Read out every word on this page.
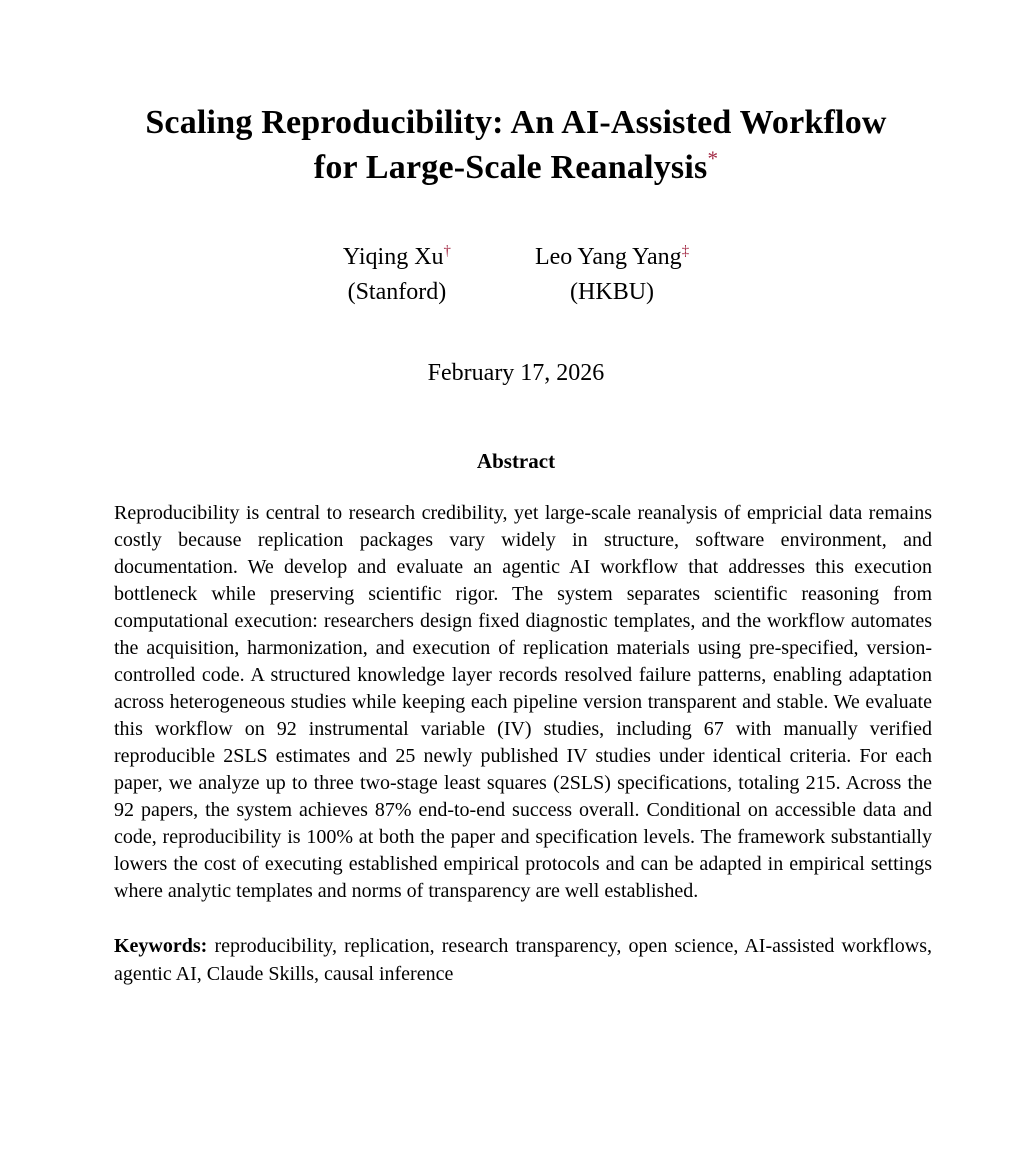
Scaling Reproducibility: An AI-Assisted Workflow
for Large-Scale Reanalysis*
Yiqing Xu†
(Stanford)
Leo Yang Yang‡
(HKBU)
February 17, 2026
Abstract

Reproducibility is central to research credibility, yet large-scale reanalysis of empricial data remains costly because replication packages vary widely in structure, software environment, and documentation. We develop and evaluate an agentic AI workflow that addresses this execution bottleneck while preserving scientific rigor. The system separates scientific reasoning from computational execution: researchers design fixed diagnostic templates, and the workflow automates the acquisition, harmonization, and execution of replication materials using pre-specified, version-controlled code. A structured knowledge layer records resolved failure patterns, enabling adaptation across heterogeneous studies while keeping each pipeline version transparent and stable. We evaluate this workflow on 92 instrumental variable (IV) studies, including 67 with manually verified reproducible 2SLS estimates and 25 newly published IV studies under identical criteria. For each paper, we analyze up to three two-stage least squares (2SLS) specifications, totaling 215. Across the 92 papers, the system achieves 87% end-to-end success overall. Conditional on accessible data and code, reproducibility is 100% at both the paper and specification levels. The framework substantially lowers the cost of executing established empirical protocols and can be adapted in empirical settings where analytic templates and norms of transparency are well established.

Keywords: reproducibility, replication, research transparency, open science, AI-assisted workflows, agentic AI, Claude Skills, causal inference
